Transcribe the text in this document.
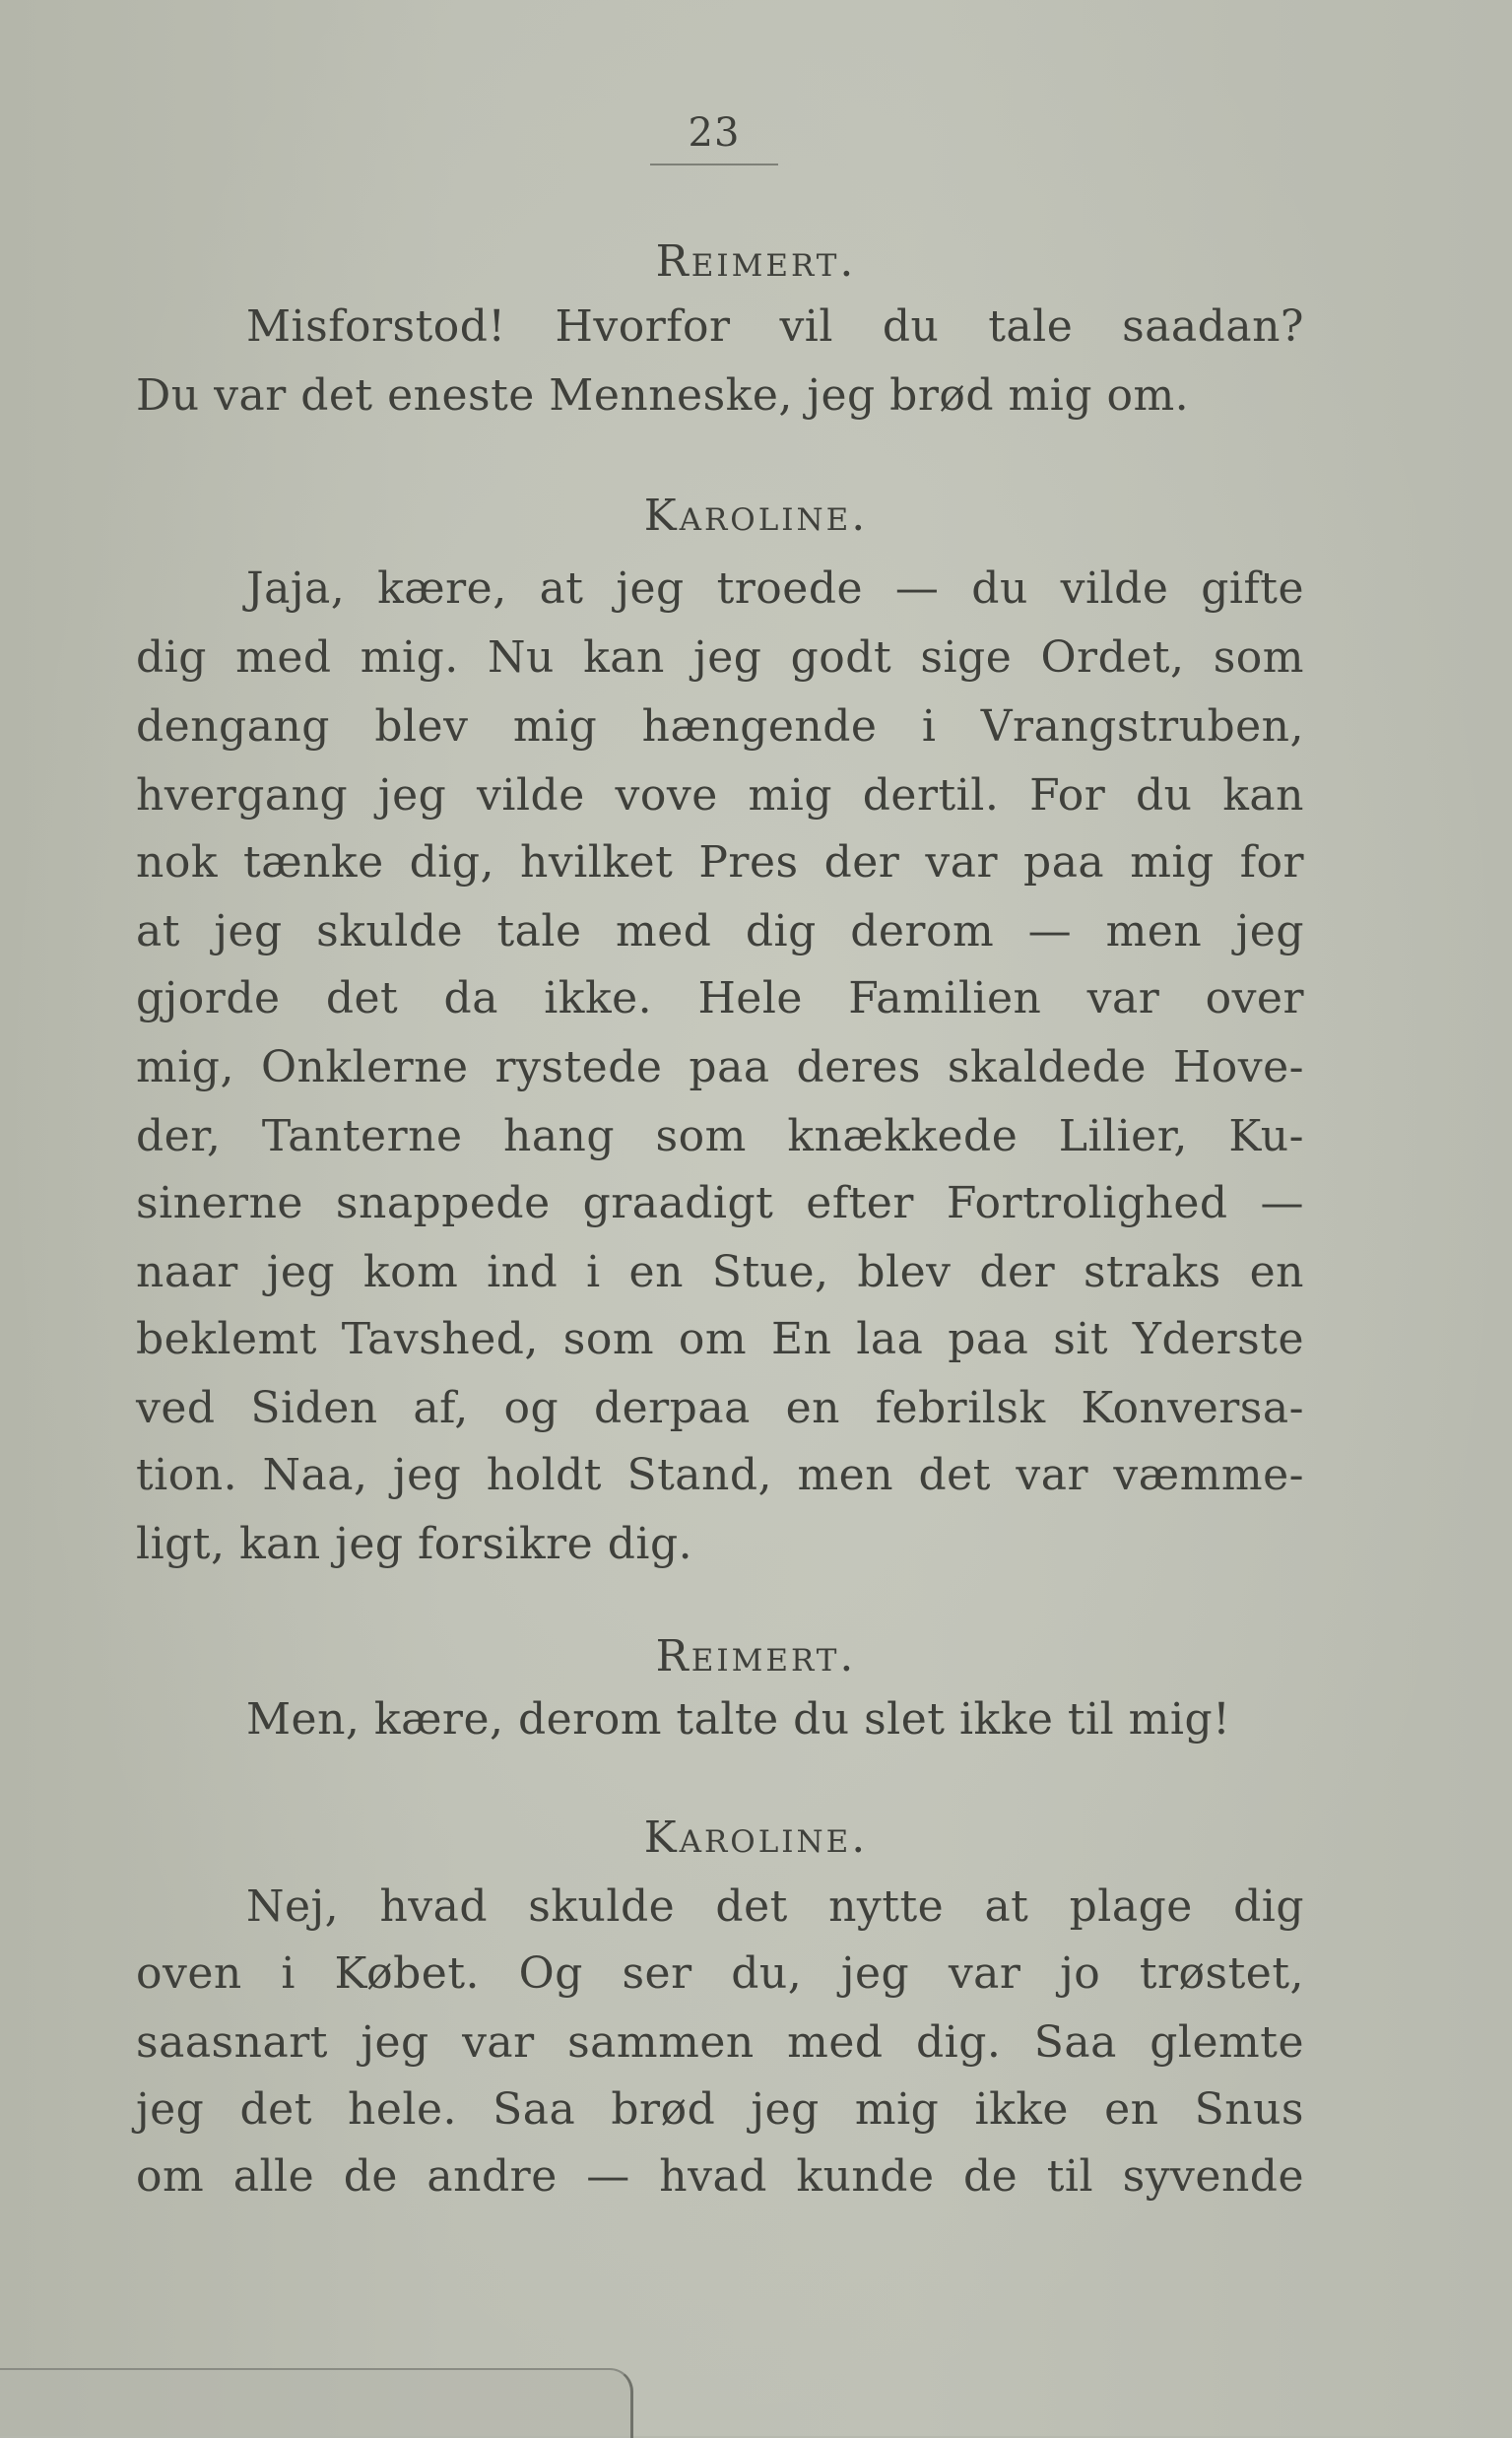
23
Reimert.
Misforstod! Hvorfor vil du tale saadan?
Du var det eneste Menneske, jeg brød mig om.
Karoline.
Jaja, kære, at jeg troede — du vilde gifte
dig med mig. Nu kan jeg godt sige Ordet, som
dengang blev mig hængende i Vrangstruben,
hvergang jeg vilde vove mig dertil. For du kan
nok tænke dig, hvilket Pres der var paa mig for
at jeg skulde tale med dig derom — men jeg
gjorde det da ikke. Hele Familien var over
mig, Onklerne rystede paa deres skaldede Hove-
der, Tanterne hang som knækkede Lilier, Ku-
sinerne snappede graadigt efter Fortrolighed —
naar jeg kom ind i en Stue, blev der straks en
beklemt Tavshed, som om En laa paa sit Yderste
ved Siden af, og derpaa en febrilsk Konversa-
tion. Naa, jeg holdt Stand, men det var væmme-
ligt, kan jeg forsikre dig.
Reimert.
Men, kære, derom talte du slet ikke til mig!
Karoline.
Nej, hvad skulde det nytte at plage dig
oven i Købet. Og ser du, jeg var jo trøstet,
saasnart jeg var sammen med dig. Saa glemte
jeg det hele. Saa brød jeg mig ikke en Snus
om alle de andre — hvad kunde de til syvende
